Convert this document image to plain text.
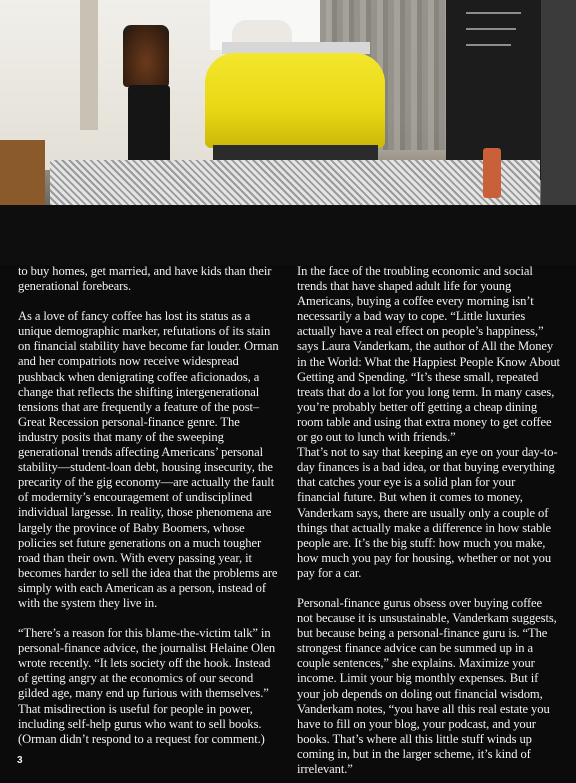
to buy homes, get married, and have kids than their generational forebears.

As a love of fancy coffee has lost its status as a unique demographic marker, refutations of its stain on financial stability have become far louder. Orman and her compatriots now receive widespread pushback when denigrating coffee aficionados, a change that reflects the shifting intergenerational tensions that are frequently a feature of the post–Great Recession personal-finance genre. The industry posits that many of the sweeping generational trends affecting Americans’ personal stability—student-loan debt, housing insecurity, the precarity of the gig economy—are actually the fault of modernity’s encouragement of undisciplined individual largesse. In reality, those phenomena are largely the province of Baby Boomers, whose policies set future generations on a much tougher road than their own. With every passing year, it becomes harder to sell the idea that the problems are simply with each American as a person, instead of with the system they live in.

“There’s a reason for this blame-the-victim talk” in personal-finance advice, the journalist Helaine Olen wrote recently. “It lets society off the hook. Instead of getting angry at the economics of our second gilded age, many end up furious with themselves.” That misdirection is useful for people in power, including self-help gurus who want to sell books. (Orman didn’t respond to a request for comment.)

In the face of the troubling economic and social trends that have shaped adult life for young Americans, buying a coffee every morning isn’t necessarily a bad way to cope. “Little luxuries actually have a real effect on people’s happiness,” says Laura Vanderkam, the author of All the Money in the World: What the Happiest People Know About Getting and Spending. “It’s these small, repeated treats that do a lot for you long term. In many cases, you’re probably better off getting a cheap dining room table and using that extra money to get coffee or go out to lunch with friends.”

That’s not to say that keeping an eye on your day-to-day finances is a bad idea, or that buying everything that catches your eye is a solid plan for your financial future. But when it comes to money, Vanderkam says, there are usually only a couple of things that actually make a difference in how stable people are. It’s the big stuff: how much you make, how much you pay for housing, whether or not you pay for a car.

Personal-finance gurus obsess over buying coffee not because it is unsustainable, Vanderkam suggests, but because being a personal-finance guru is. “The strongest finance advice can be summed up in a couple sentences,” she explains. Maximize your income. Limit your big monthly expenses. But if your job depends on doling out financial wisdom, Vanderkam notes, “you have all this real estate you have to fill on your blog, your podcast, and your books. That’s where all this little stuff winds up coming in, but in the larger scheme, it’s kind of irrelevant.”

3
